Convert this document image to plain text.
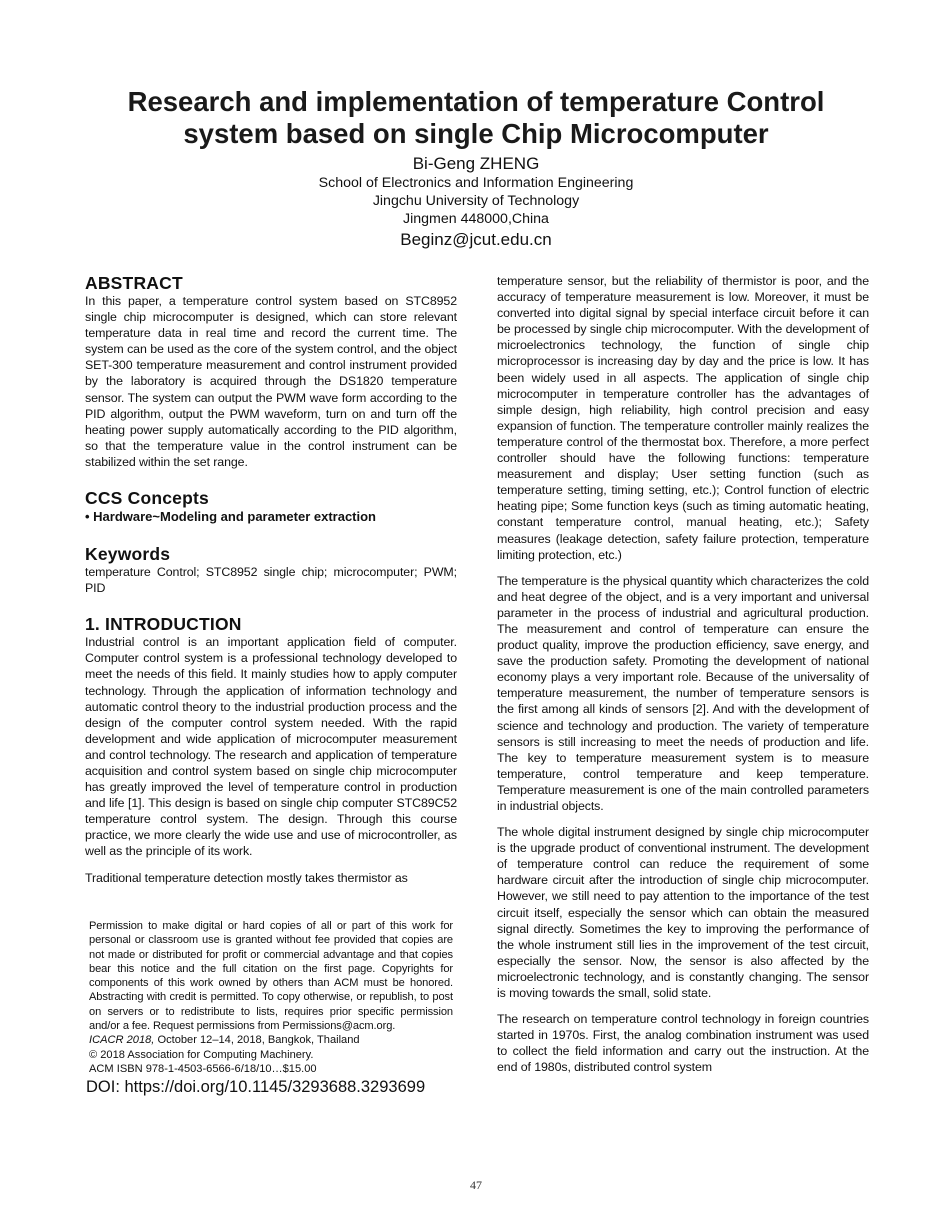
Research and implementation of temperature Control
system based on single Chip Microcomputer
Bi-Geng ZHENG
School of Electronics and Information Engineering
Jingchu University of Technology
Jingmen 448000,China
Beginz@jcut.edu.cn
ABSTRACT

In this paper, a temperature control system based on STC8952 single chip microcomputer is designed, which can store relevant temperature data in real time and record the current time. The system can be used as the core of the system control, and the object SET-300 temperature measurement and control instrument provided by the laboratory is acquired through the DS1820 temperature sensor. The system can output the PWM wave form according to the PID algorithm, output the PWM waveform, turn on and turn off the heating power supply automatically according to the PID algorithm, so that the temperature value in the control instrument can be stabilized within the set range.

CCS Concepts
• Hardware~Modeling and parameter extraction
Keywords

temperature Control; STC8952 single chip; microcomputer; PWM; PID

1. INTRODUCTION

Industrial control is an important application field of computer. Computer control system is a professional technology developed to meet the needs of this field. It mainly studies how to apply computer technology. Through the application of information technology and automatic control theory to the industrial production process and the design of the computer control system needed. With the rapid development and wide application of microcomputer measurement and control technology. The research and application of temperature acquisition and control system based on single chip microcomputer has greatly improved the level of temperature control in production and life [1]. This design is based on single chip computer STC89C52 temperature control system. The design. Through this course practice, we more clearly the wide use and use of microcontroller, as well as the principle of its work.

Traditional temperature detection mostly takes thermistor as

Permission to make digital or hard copies of all or part of this work for personal or classroom use is granted without fee provided that copies are not made or distributed for profit or commercial advantage and that copies bear this notice and the full citation on the first page. Copyrights for components of this work owned by others than ACM must be honored. Abstracting with credit is permitted. To copy otherwise, or republish, to post on servers or to redistribute to lists, requires prior specific permission and/or a fee. Request permissions from Permissions@acm.org.

ICACR 2018, October 12–14, 2018, Bangkok, Thailand
© 2018 Association for Computing Machinery.
ACM ISBN 978-1-4503-6566-6/18/10…$15.00
DOI: https://doi.org/10.1145/3293688.3293699

temperature sensor, but the reliability of thermistor is poor, and the accuracy of temperature measurement is low. Moreover, it must be converted into digital signal by special interface circuit before it can be processed by single chip microcomputer. With the development of microelectronics technology, the function of single chip microprocessor is increasing day by day and the price is low. It has been widely used in all aspects. The application of single chip microcomputer in temperature controller has the advantages of simple design, high reliability, high control precision and easy expansion of function. The temperature controller mainly realizes the temperature control of the thermostat box. Therefore, a more perfect controller should have the following functions: temperature measurement and display; User setting function (such as temperature setting, timing setting, etc.); Control function of electric heating pipe; Some function keys (such as timing automatic heating, constant temperature control, manual heating, etc.); Safety measures (leakage detection, safety failure protection, temperature limiting protection, etc.)

The temperature is the physical quantity which characterizes the cold and heat degree of the object, and is a very important and universal parameter in the process of industrial and agricultural production. The measurement and control of temperature can ensure the product quality, improve the production efficiency, save energy, and save the production safety. Promoting the development of national economy plays a very important role. Because of the universality of temperature measurement, the number of temperature sensors is the first among all kinds of sensors [2]. And with the development of science and technology and production. The variety of temperature sensors is still increasing to meet the needs of production and life. The key to temperature measurement system is to measure temperature, control temperature and keep temperature. Temperature measurement is one of the main controlled parameters in industrial objects.

The whole digital instrument designed by single chip microcomputer is the upgrade product of conventional instrument. The development of temperature control can reduce the requirement of some hardware circuit after the introduction of single chip microcomputer. However, we still need to pay attention to the importance of the test circuit itself, especially the sensor which can obtain the measured signal directly. Sometimes the key to improving the performance of the whole instrument still lies in the improvement of the test circuit, especially the sensor. Now, the sensor is also affected by the microelectronic technology, and is constantly changing. The sensor is moving towards the small, solid state.

The research on temperature control technology in foreign countries started in 1970s. First, the analog combination instrument was used to collect the field information and carry out the instruction. At the end of 1980s, distributed control system

47
